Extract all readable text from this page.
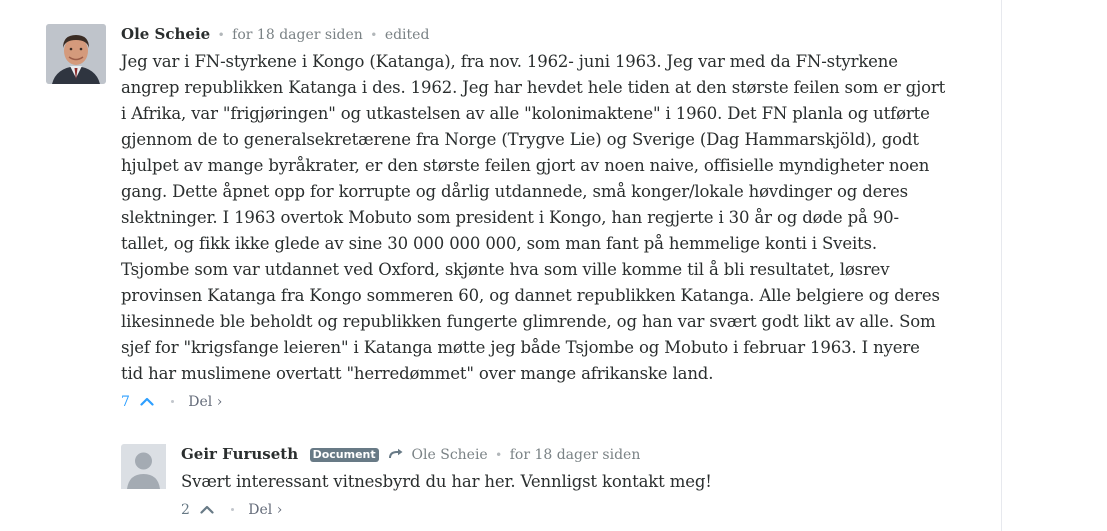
Ole Scheie • for 18 dager siden • edited
Jeg var i FN-styrkene i Kongo (Katanga), fra nov. 1962- juni 1963. Jeg var med da FN-styrkene
angrep republikken Katanga i des. 1962. Jeg har hevdet hele tiden at den største feilen som er gjort
i Afrika, var "frigjøringen" og utkastelsen av alle "kolonimaktene" i 1960. Det FN planla og utførte
gjennom de to generalsekretærene fra Norge (Trygve Lie) og Sverige (Dag Hammarskjöld), godt
hjulpet av mange byråkrater, er den største feilen gjort av noen naive, offisielle myndigheter noen
gang. Dette åpnet opp for korrupte og dårlig utdannede, små konger/lokale høvdinger og deres
slektninger. I 1963 overtok Mobuto som president i Kongo, han regjerte i 30 år og døde på 90-
tallet, og fikk ikke glede av sine 30 000 000 000, som man fant på hemmelige konti i Sveits.
Tsjombe som var utdannet ved Oxford, skjønte hva som ville komme til å bli resultatet, løsrev
provinsen Katanga fra Kongo sommeren 60, og dannet republikken Katanga. Alle belgiere og deres
likesinnede ble beholdt og republikken fungerte glimrende, og han var svært godt likt av alle. Som
sjef for "krigsfange leieren" i Katanga møtte jeg både Tsjombe og Mobuto i februar 1963. I nyere
tid har muslimene overtatt "herredømmet" over mange afrikanske land.
7	Del ›
Geir Furuseth Document	Ole Scheie • for 18 dager siden
Svært interessant vitnesbyrd du har her. Vennligst kontakt meg!
2	Del ›
